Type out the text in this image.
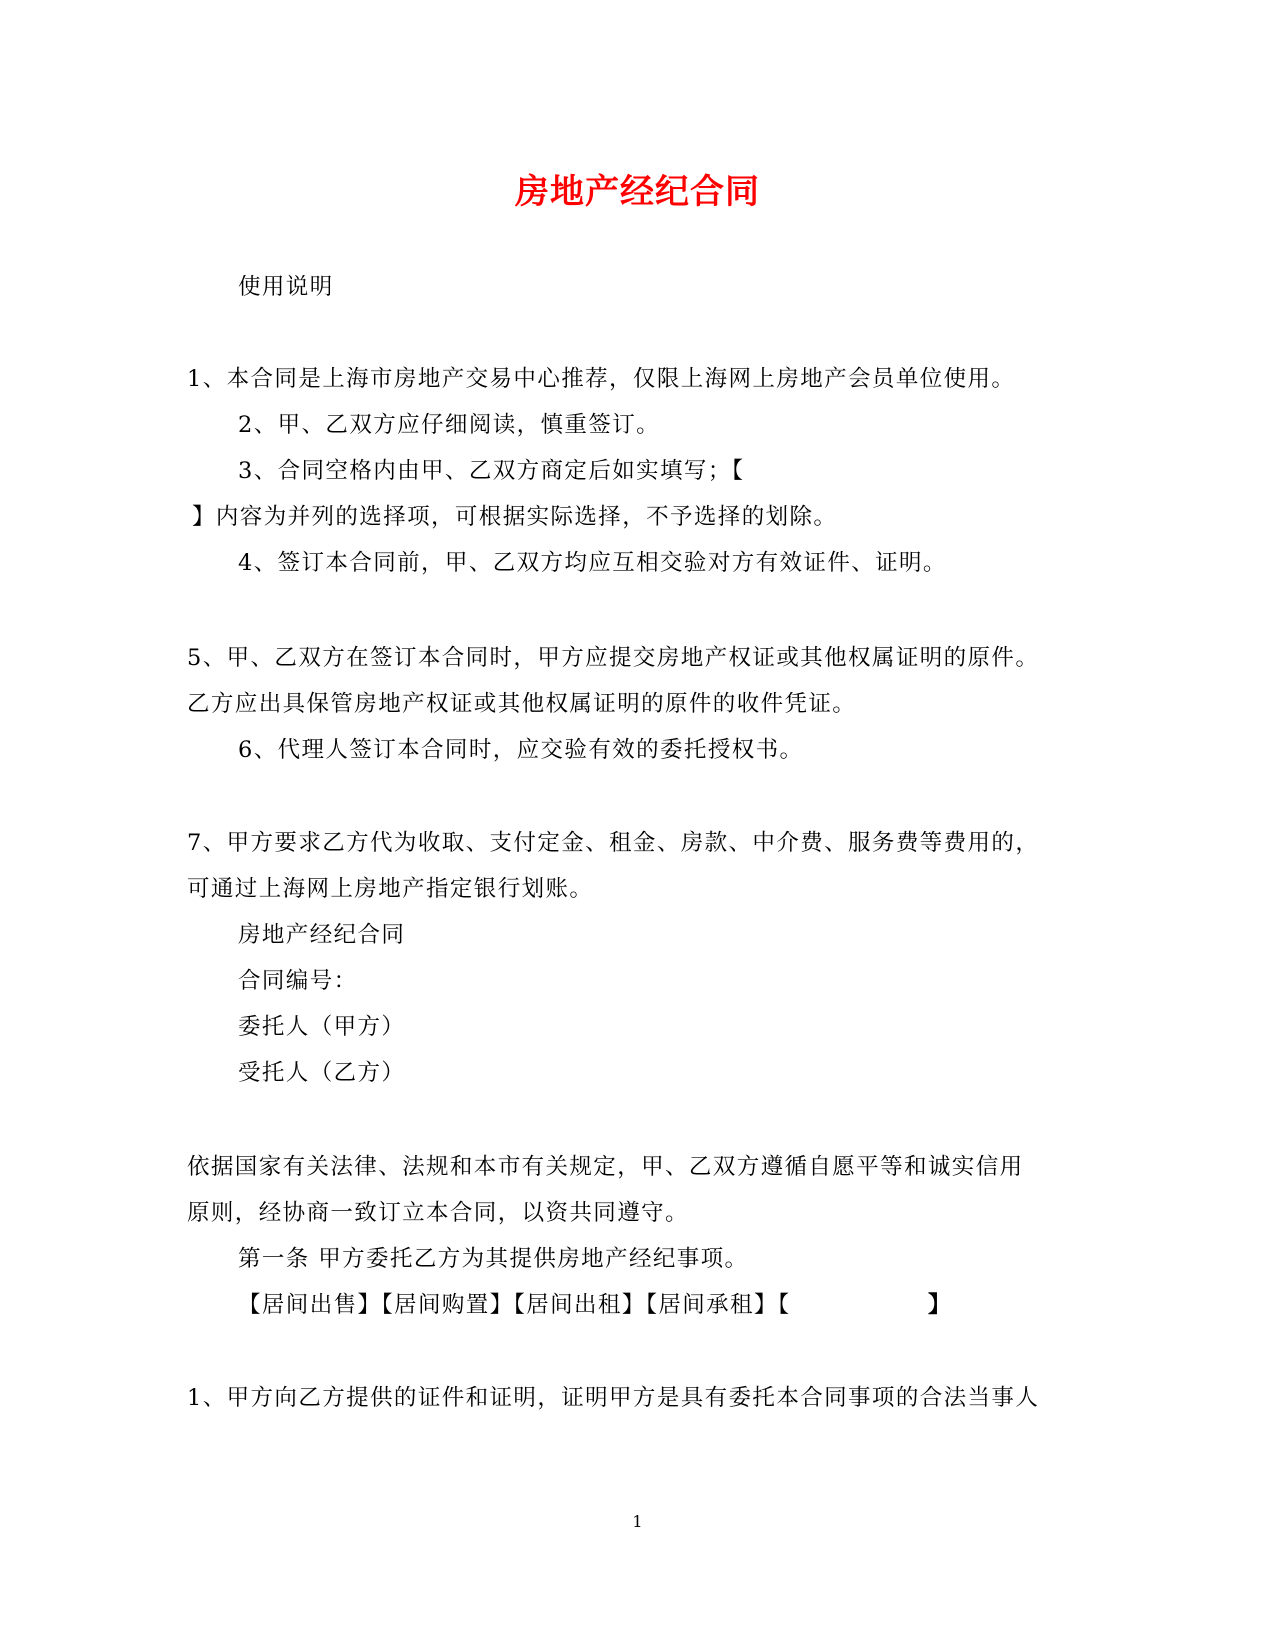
房地产经纪合同
使用说明
1、本合同是上海市房地产交易中心推荐，仅限上海网上房地产会员单位使用。
2、甲、乙双方应仔细阅读，慎重签订。
3、合同空格内由甲、乙双方商定后如实填写；【
】内容为并列的选择项，可根据实际选择，不予选择的划除。
4、签订本合同前，甲、乙双方均应互相交验对方有效证件、证明。
5、甲、乙双方在签订本合同时，甲方应提交房地产权证或其他权属证明的原件。
乙方应出具保管房地产权证或其他权属证明的原件的收件凭证。
6、代理人签订本合同时，应交验有效的委托授权书。
7、甲方要求乙方代为收取、支付定金、租金、房款、中介费、服务费等费用的，
可通过上海网上房地产指定银行划账。
房地产经纪合同
合同编号：
委托人（甲方）
受托人（乙方）
依据国家有关法律、法规和本市有关规定，甲、乙双方遵循自愿平等和诚实信用
原则，经协商一致订立本合同，以资共同遵守。
第一条 甲方委托乙方为其提供房地产经纪事项。
【居间出售】【居间购置】【居间出租】【居间承租】【	】
1、甲方向乙方提供的证件和证明，证明甲方是具有委托本合同事项的合法当事人
1
